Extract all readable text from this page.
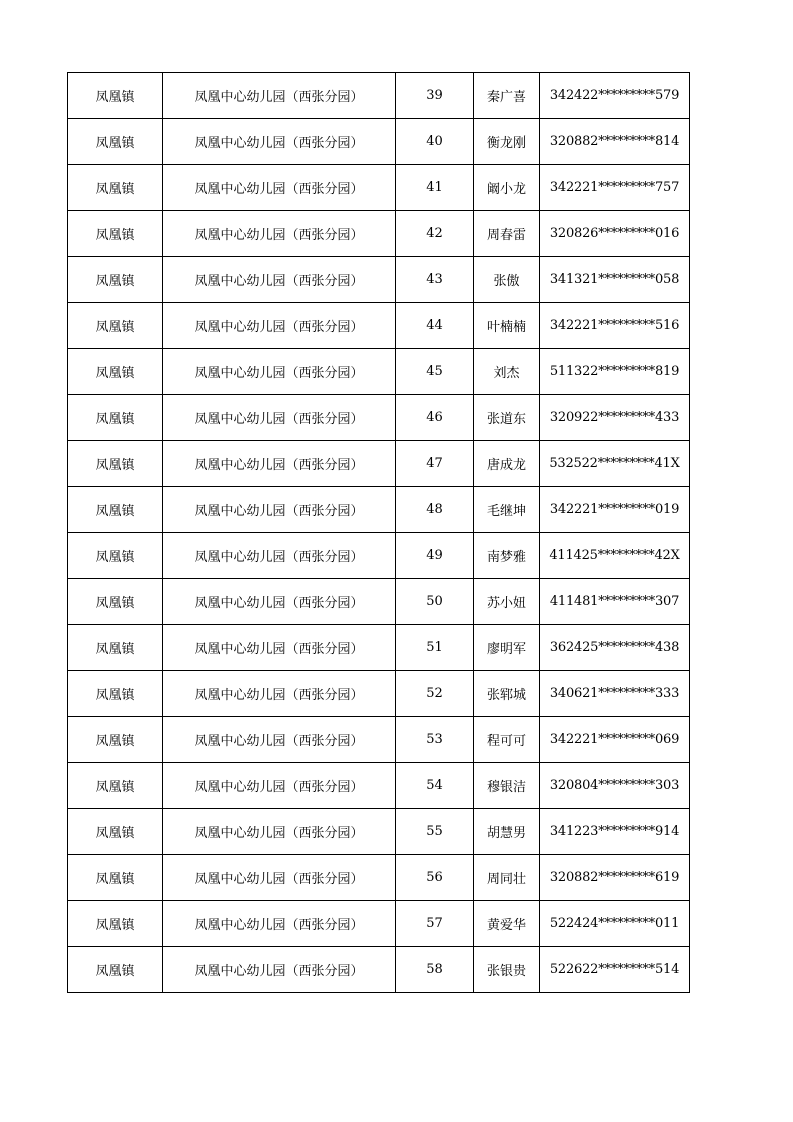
凤凰镇	凤凰中心幼儿园（西张分园）	39	秦广喜	342422*********579
凤凰镇	凤凰中心幼儿园（西张分园）	40	衡龙刚	320882*********814
凤凰镇	凤凰中心幼儿园（西张分园）	41	阚小龙	342221*********757
凤凰镇	凤凰中心幼儿园（西张分园）	42	周春雷	320826*********016
凤凰镇	凤凰中心幼儿园（西张分园）	43	张傲	341321*********058
凤凰镇	凤凰中心幼儿园（西张分园）	44	叶楠楠	342221*********516
凤凰镇	凤凰中心幼儿园（西张分园）	45	刘杰	511322*********819
凤凰镇	凤凰中心幼儿园（西张分园）	46	张道东	320922*********433
凤凰镇	凤凰中心幼儿园（西张分园）	47	唐成龙	532522*********41X
凤凰镇	凤凰中心幼儿园（西张分园）	48	毛继坤	342221*********019
凤凰镇	凤凰中心幼儿园（西张分园）	49	南梦雅	411425*********42X
凤凰镇	凤凰中心幼儿园（西张分园）	50	苏小妞	411481*********307
凤凰镇	凤凰中心幼儿园（西张分园）	51	廖明军	362425*********438
凤凰镇	凤凰中心幼儿园（西张分园）	52	张郓城	340621*********333
凤凰镇	凤凰中心幼儿园（西张分园）	53	程可可	342221*********069
凤凰镇	凤凰中心幼儿园（西张分园）	54	穆银洁	320804*********303
凤凰镇	凤凰中心幼儿园（西张分园）	55	胡慧男	341223*********914
凤凰镇	凤凰中心幼儿园（西张分园）	56	周同壮	320882*********619
凤凰镇	凤凰中心幼儿园（西张分园）	57	黄爱华	522424*********011
凤凰镇	凤凰中心幼儿园（西张分园）	58	张银贵	522622*********514
